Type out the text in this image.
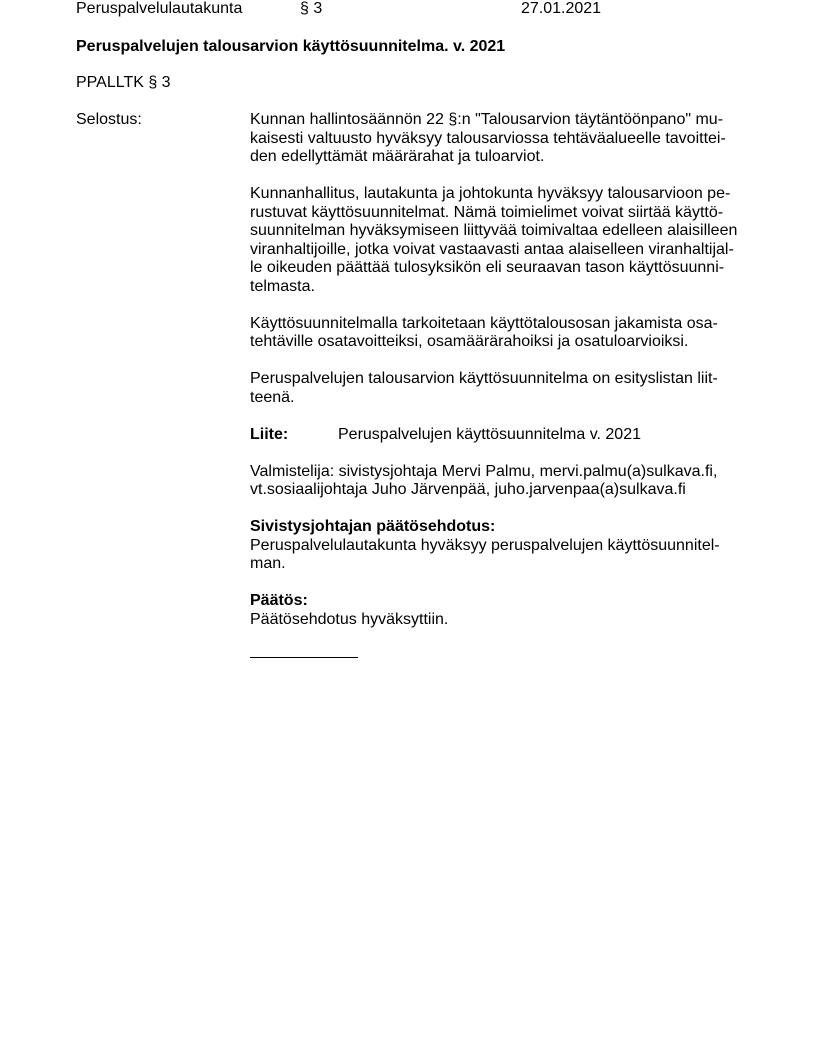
Peruspalvelulautakunta	§ 3	27.01.2021
Peruspalvelujen talousarvion käyttösuunnitelma. v. 2021
PPALLTK § 3
Selostus:	Kunnan hallintosäännön 22 §:n "Talousarvion täytäntöönpano" mu-
kaisesti valtuusto hyväksyy talousarviossa tehtäväalueelle tavoittei-
den edellyttämät määrärahat ja tuloarviot.

Kunnanhallitus, lautakunta ja johtokunta hyväksyy talousarvioon pe-
rustuvat käyttösuunnitelmat. Nämä toimielimet voivat siirtää käyttö-
suunnitelman hyväksymiseen liittyvää toimivaltaa edelleen alaisilleen
viranhaltijoille, jotka voivat vastaavasti antaa alaiselleen viranhaltijal-
le oikeuden päättää tulosyksikön eli seuraavan tason käyttösuunni-
telmasta.

Käyttösuunnitelmalla tarkoitetaan käyttötalousosan jakamista osa-
tehtäville osatavoitteiksi, osamäärärahoiksi ja osatuloarvioiksi.

Peruspalvelujen talousarvion käyttösuunnitelma on esityslistan liit-
teenä.

Liite:	Peruspalvelujen käyttösuunnitelma v. 2021

Valmistelija: sivistysjohtaja Mervi Palmu, mervi.palmu(a)sulkava.fi,
vt.sosiaalijohtaja Juho Järvenpää, juho.jarvenpaa(a)sulkava.fi

Sivistysjohtajan päätösehdotus:
Peruspalvelulautakunta hyväksyy peruspalvelujen käyttösuunnitel-
man.

Päätös:
Päätösehdotus hyväksyttiin.
